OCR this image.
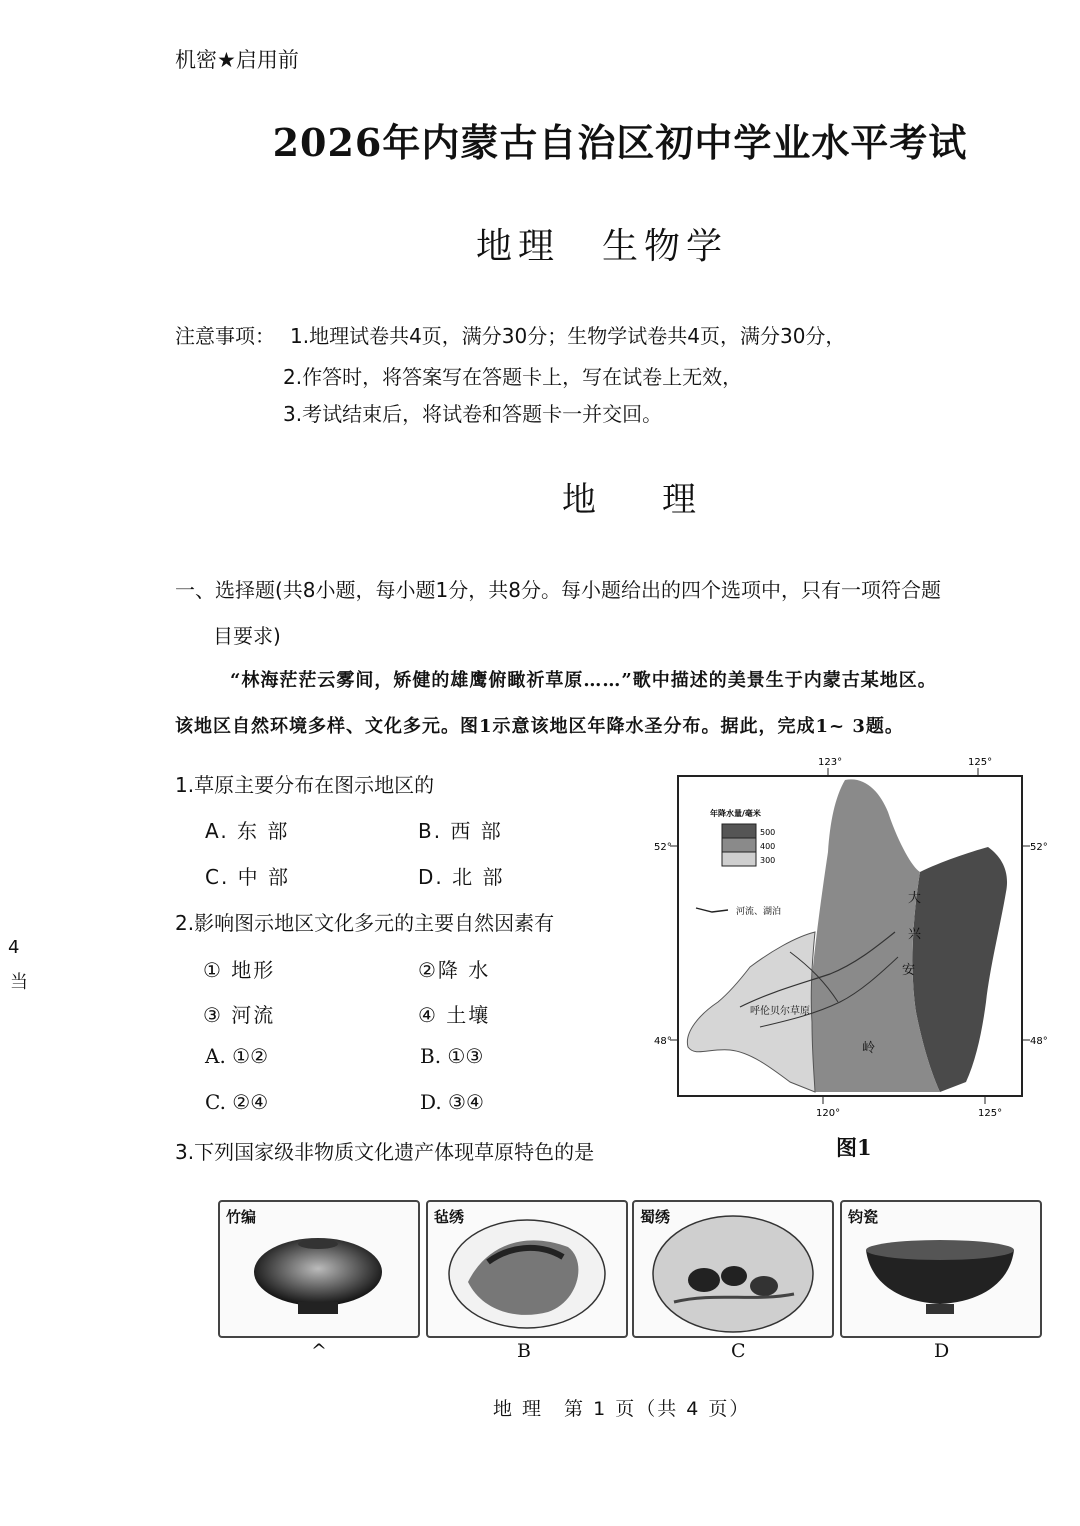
机密★启用前
2026年内蒙古自治区初中学业水平考试
地理　生物学
注意事项： 1.地理试卷共4页，满分30分；生物学试卷共4页，满分30分，
2.作答时，将答案写在答题卡上，写在试卷上无效，
3.考试结束后，将试卷和答题卡一并交回。
地　理
一、选择题(共8小题，每小题1分，共8分。每小题给出的四个选项中，只有一项符合题
目要求)
“林海茫茫云雾间，矫健的雄鹰俯瞰祈草原……”歌中描述的美景生于内蒙古某地区。
该地区自然环境多样、文化多元。图1示意该地区年降水圣分布。据此，完成1~ 3题。
1.草原主要分布在图示地区的
A. 东 部	B. 西 部
C. 中 部	D. 北 部
2.影响图示地区文化多元的主要自然因素有
① 地形	②降 水
③ 河流	④ 土壤
A. ①②	B. ①③
C. ②④	D. ③④
3.下列国家级非物质文化遗产体现草原特色的是
4
当
123°	125°
120°	125°
52°
48°
52°
48°
年降水量/毫米
500
400
300
河流、湖泊
大
兴
安
岭
呼伦贝尔草原
图1
竹编	毡绣	蜀绣	钧瓷
^	B	C	D
地 理　第 1 页（共 4 页）
